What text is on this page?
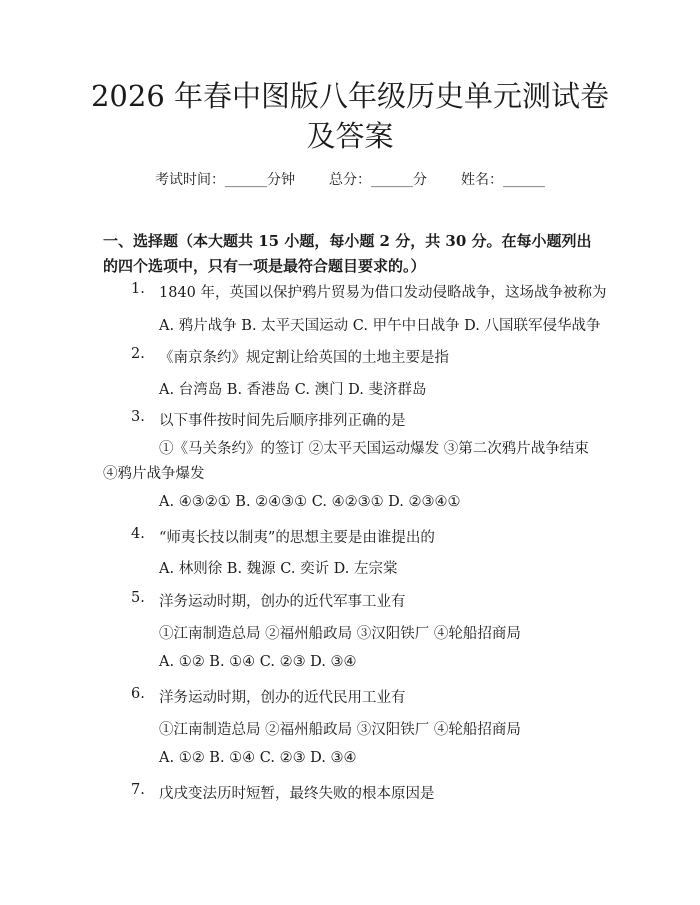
2026 年春中图版八年级历史单元测试卷及答案
考试时间：______分钟 总分：______分 姓名：______

一、选择题（本大题共 15 小题，每小题 2 分，共 30 分。在每小题列出的四个选项中，只有一项是最符合题目要求的。）

1. 1840 年，英国以保护鸦片贸易为借口发动侵略战争，这场战争被称为
A. 鸦片战争 B. 太平天国运动 C. 甲午中日战争 D. 八国联军侵华战争
2. 《南京条约》规定割让给英国的土地主要是指
A. 台湾岛 B. 香港岛 C. 澳门 D. 斐济群岛
3. 以下事件按时间先后顺序排列正确的是
①《马关条约》的签订 ②太平天国运动爆发 ③第二次鸦片战争结束 ④鸦片战争爆发
A. ④③②① B. ②④③① C. ④②③① D. ②③④①
4. “师夷长技以制夷”的思想主要是由谁提出的
A. 林则徐 B. 魏源 C. 奕䜣 D. 左宗棠
5. 洋务运动时期，创办的近代军事工业有
①江南制造总局 ②福州船政局 ③汉阳铁厂 ④轮船招商局
A. ①② B. ①④ C. ②③ D. ③④
6. 洋务运动时期，创办的近代民用工业有
①江南制造总局 ②福州船政局 ③汉阳铁厂 ④轮船招商局
A. ①② B. ①④ C. ②③ D. ③④
7. 戊戌变法历时短暂，最终失败的根本原因是
